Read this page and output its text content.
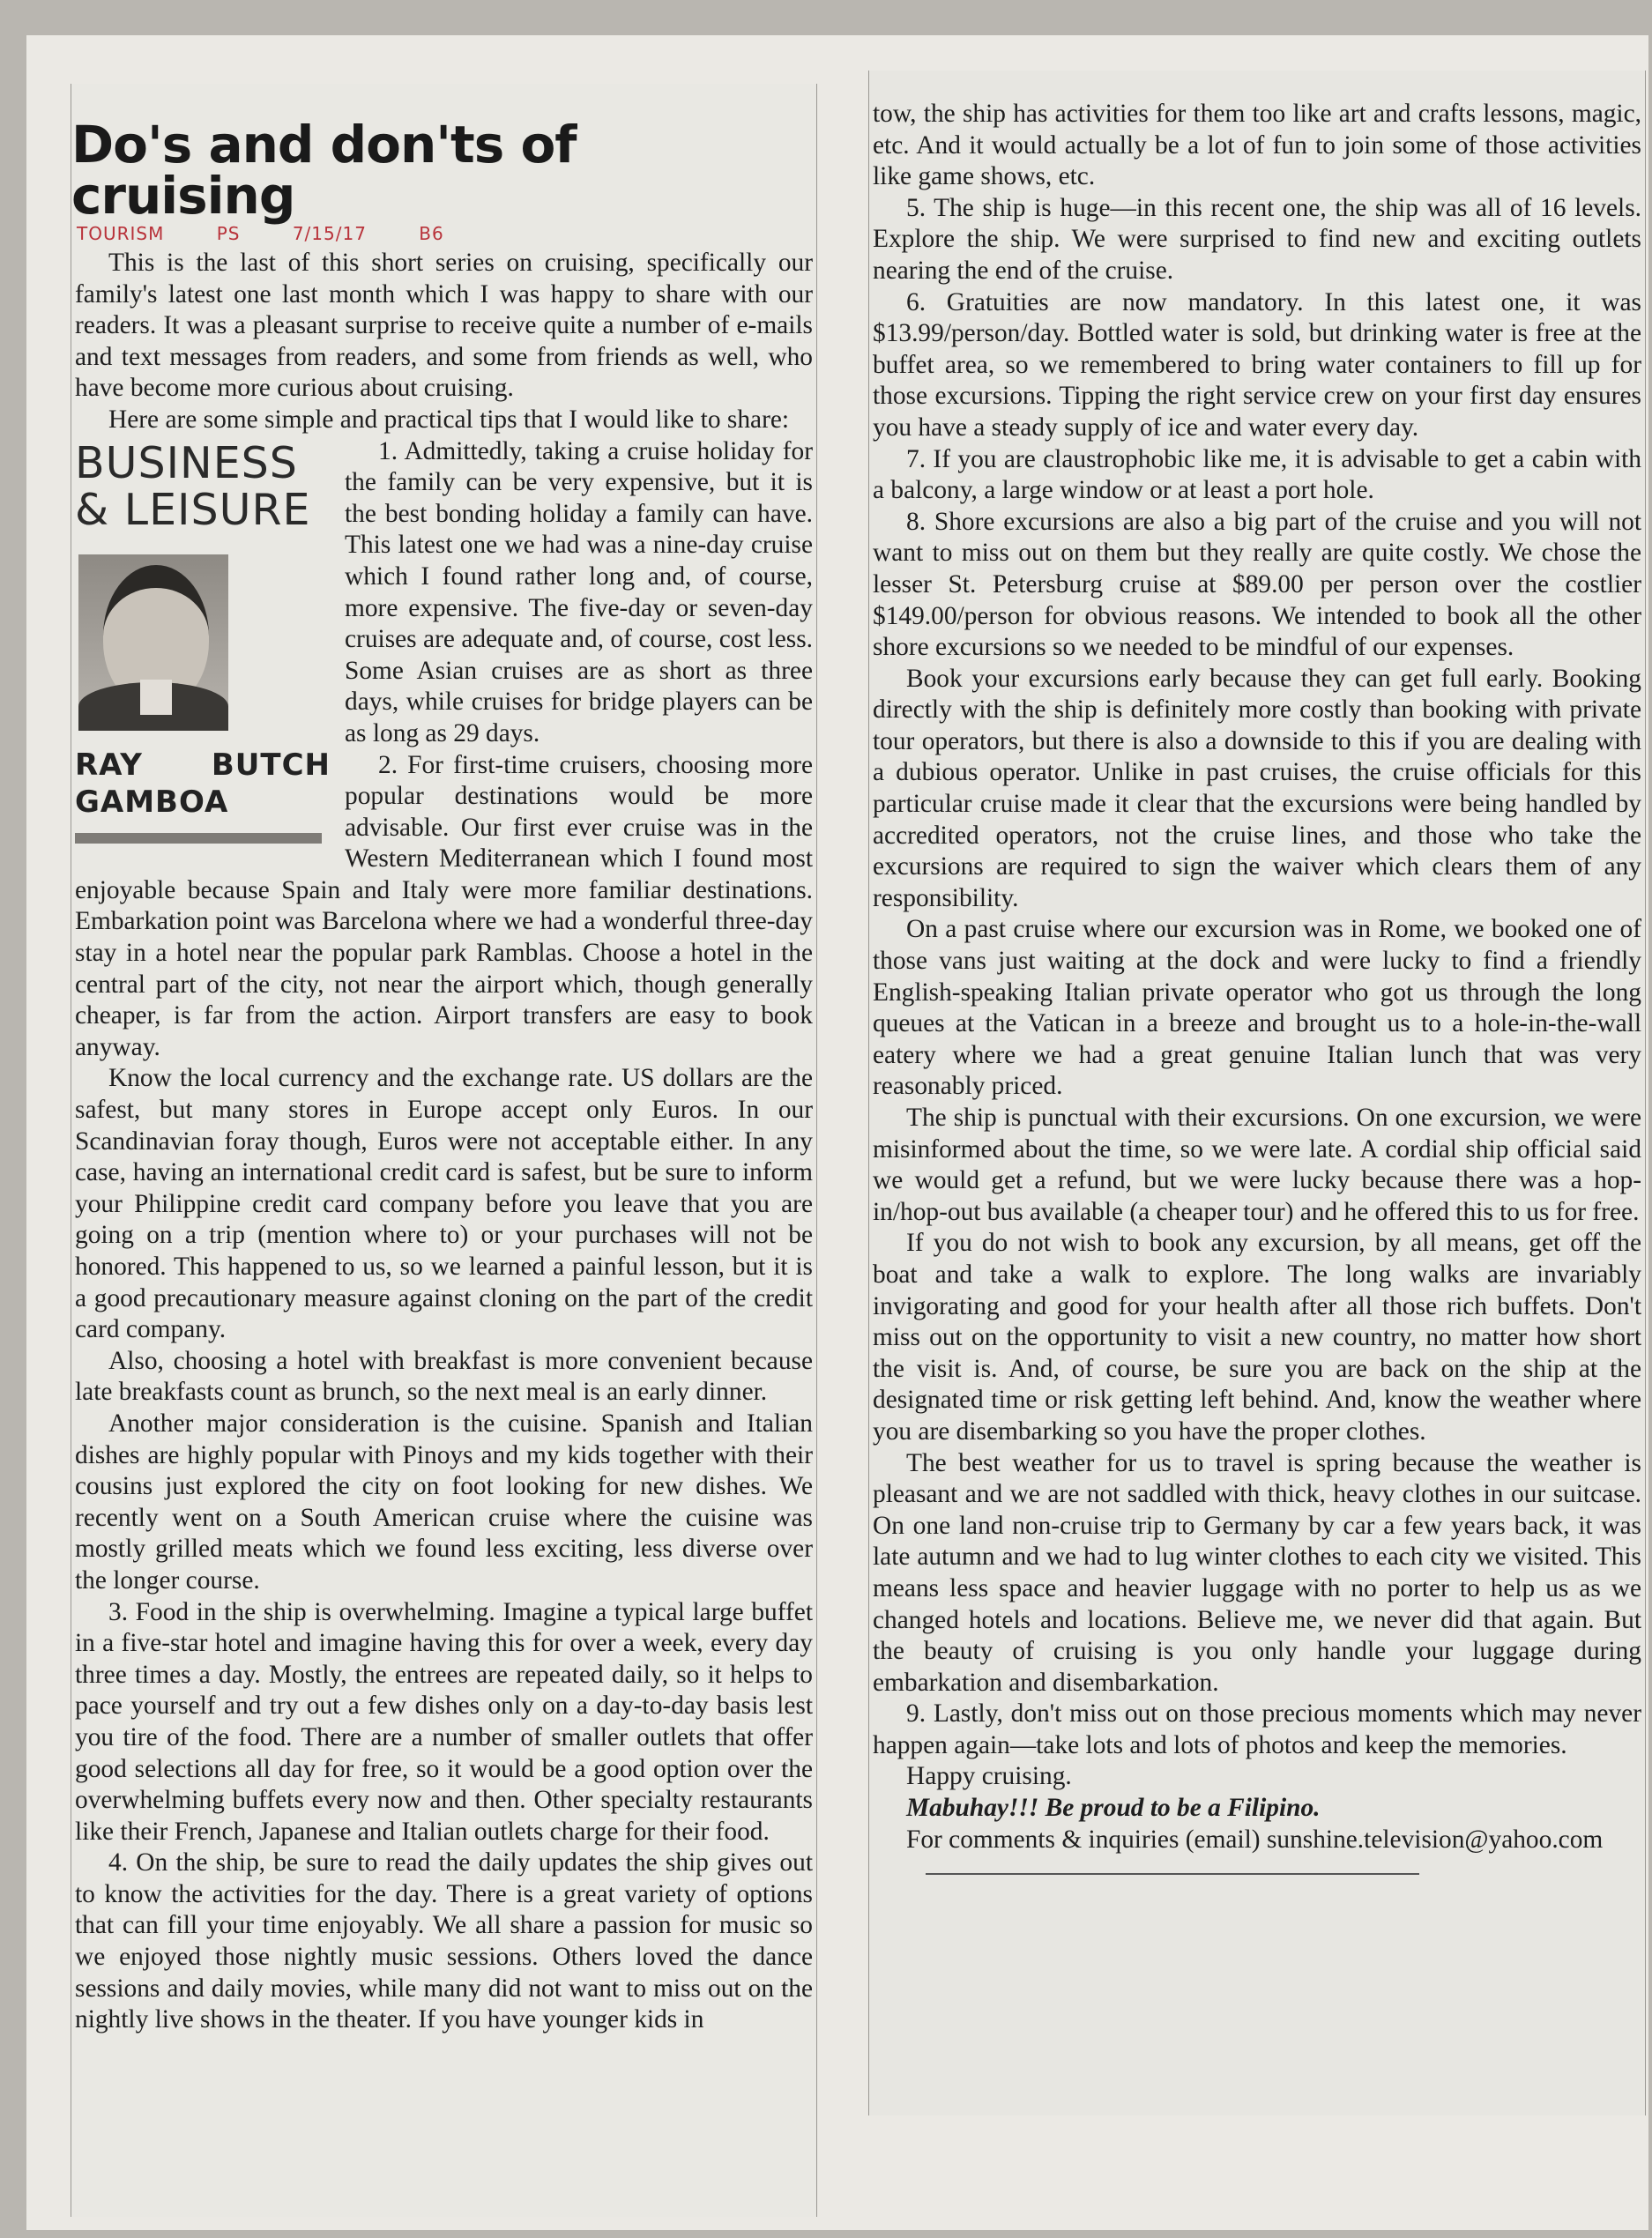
Do's and don'ts of cruising
TOURISM PS 7/15/17 B6

This is the last of this short series on cruising, specifically our family's latest one last month which I was happy to share with our readers. It was a pleasant surprise to receive quite a number of e-mails and text messages from readers, and some from friends as well, who have become more curious about cruising.

Here are some simple and practical tips that I would like to share:

BUSINESS & LEISURE
RAY BUTCH GAMBOA

1. Admittedly, taking a cruise holiday for the family can be very expensive, but it is the best bonding holiday a family can have. This latest one we had was a nine-day cruise which I found rather long and, of course, more expensive. The five-day or seven-day cruises are adequate and, of course, cost less. Some Asian cruises are as short as three days, while cruises for bridge players can be as long as 29 days.

2. For first-time cruisers, choosing more popular destinations would be more advisable. Our first ever cruise was in the Western Mediterranean which I found most enjoyable because Spain and Italy were more familiar destinations. Embarkation point was Barcelona where we had a wonderful three-day stay in a hotel near the popular park Ramblas. Choose a hotel in the central part of the city, not near the airport which, though generally cheaper, is far from the action. Airport transfers are easy to book anyway.

Know the local currency and the exchange rate. US dollars are the safest, but many stores in Europe accept only Euros. In our Scandinavian foray though, Euros were not acceptable either. In any case, having an international credit card is safest, but be sure to inform your Philippine credit card company before you leave that you are going on a trip (mention where to) or your purchases will not be honored. This happened to us, so we learned a painful lesson, but it is a good precautionary measure against cloning on the part of the credit card company.

Also, choosing a hotel with breakfast is more convenient because late breakfasts count as brunch, so the next meal is an early dinner.

Another major consideration is the cuisine. Spanish and Italian dishes are highly popular with Pinoys and my kids together with their cousins just explored the city on foot looking for new dishes. We recently went on a South American cruise where the cuisine was mostly grilled meats which we found less exciting, less diverse over the longer course.

3. Food in the ship is overwhelming. Imagine a typical large buffet in a five-star hotel and imagine having this for over a week, every day three times a day. Mostly, the entrees are repeated daily, so it helps to pace yourself and try out a few dishes only on a day-to-day basis lest you tire of the food. There are a number of smaller outlets that offer good selections all day for free, so it would be a good option over the overwhelming buffets every now and then. Other specialty restaurants like their French, Japanese and Italian outlets charge for their food.

4. On the ship, be sure to read the daily updates the ship gives out to know the activities for the day. There is a great variety of options that can fill your time enjoyably. We all share a passion for music so we enjoyed those nightly music sessions. Others loved the dance sessions and daily movies, while many did not want to miss out on the nightly live shows in the theater. If you have younger kids in

tow, the ship has activities for them too like art and crafts lessons, magic, etc. And it would actually be a lot of fun to join some of those activities like game shows, etc.

5. The ship is huge—in this recent one, the ship was all of 16 levels. Explore the ship. We were surprised to find new and exciting outlets nearing the end of the cruise.

6. Gratuities are now mandatory. In this latest one, it was $13.99/person/day. Bottled water is sold, but drinking water is free at the buffet area, so we remembered to bring water containers to fill up for those excursions. Tipping the right service crew on your first day ensures you have a steady supply of ice and water every day.

7. If you are claustrophobic like me, it is advisable to get a cabin with a balcony, a large window or at least a port hole.

8. Shore excursions are also a big part of the cruise and you will not want to miss out on them but they really are quite costly. We chose the lesser St. Petersburg cruise at $89.00 per person over the costlier $149.00/person for obvious reasons. We intended to book all the other shore excursions so we needed to be mindful of our expenses.

Book your excursions early because they can get full early. Booking directly with the ship is definitely more costly than booking with private tour operators, but there is also a downside to this if you are dealing with a dubious operator. Unlike in past cruises, the cruise officials for this particular cruise made it clear that the excursions were being handled by accredited operators, not the cruise lines, and those who take the excursions are required to sign the waiver which clears them of any responsibility.

On a past cruise where our excursion was in Rome, we booked one of those vans just waiting at the dock and were lucky to find a friendly English-speaking Italian private operator who got us through the long queues at the Vatican in a breeze and brought us to a hole-in-the-wall eatery where we had a great genuine Italian lunch that was very reasonably priced.

The ship is punctual with their excursions. On one excursion, we were misinformed about the time, so we were late. A cordial ship official said we would get a refund, but we were lucky because there was a hop-in/hop-out bus available (a cheaper tour) and he offered this to us for free.

If you do not wish to book any excursion, by all means, get off the boat and take a walk to explore. The long walks are invariably invigorating and good for your health after all those rich buffets. Don't miss out on the opportunity to visit a new country, no matter how short the visit is. And, of course, be sure you are back on the ship at the designated time or risk getting left behind. And, know the weather where you are disembarking so you have the proper clothes.

The best weather for us to travel is spring because the weather is pleasant and we are not saddled with thick, heavy clothes in our suitcase. On one land non-cruise trip to Germany by car a few years back, it was late autumn and we had to lug winter clothes to each city we visited. This means less space and heavier luggage with no porter to help us as we changed hotels and locations. Believe me, we never did that again. But the beauty of cruising is you only handle your luggage during embarkation and disembarkation.

9. Lastly, don't miss out on those precious moments which may never happen again—take lots and lots of photos and keep the memories.

Happy cruising.

Mabuhay!!! Be proud to be a Filipino.

For comments & inquiries (email) sunshine.television@yahoo.com
